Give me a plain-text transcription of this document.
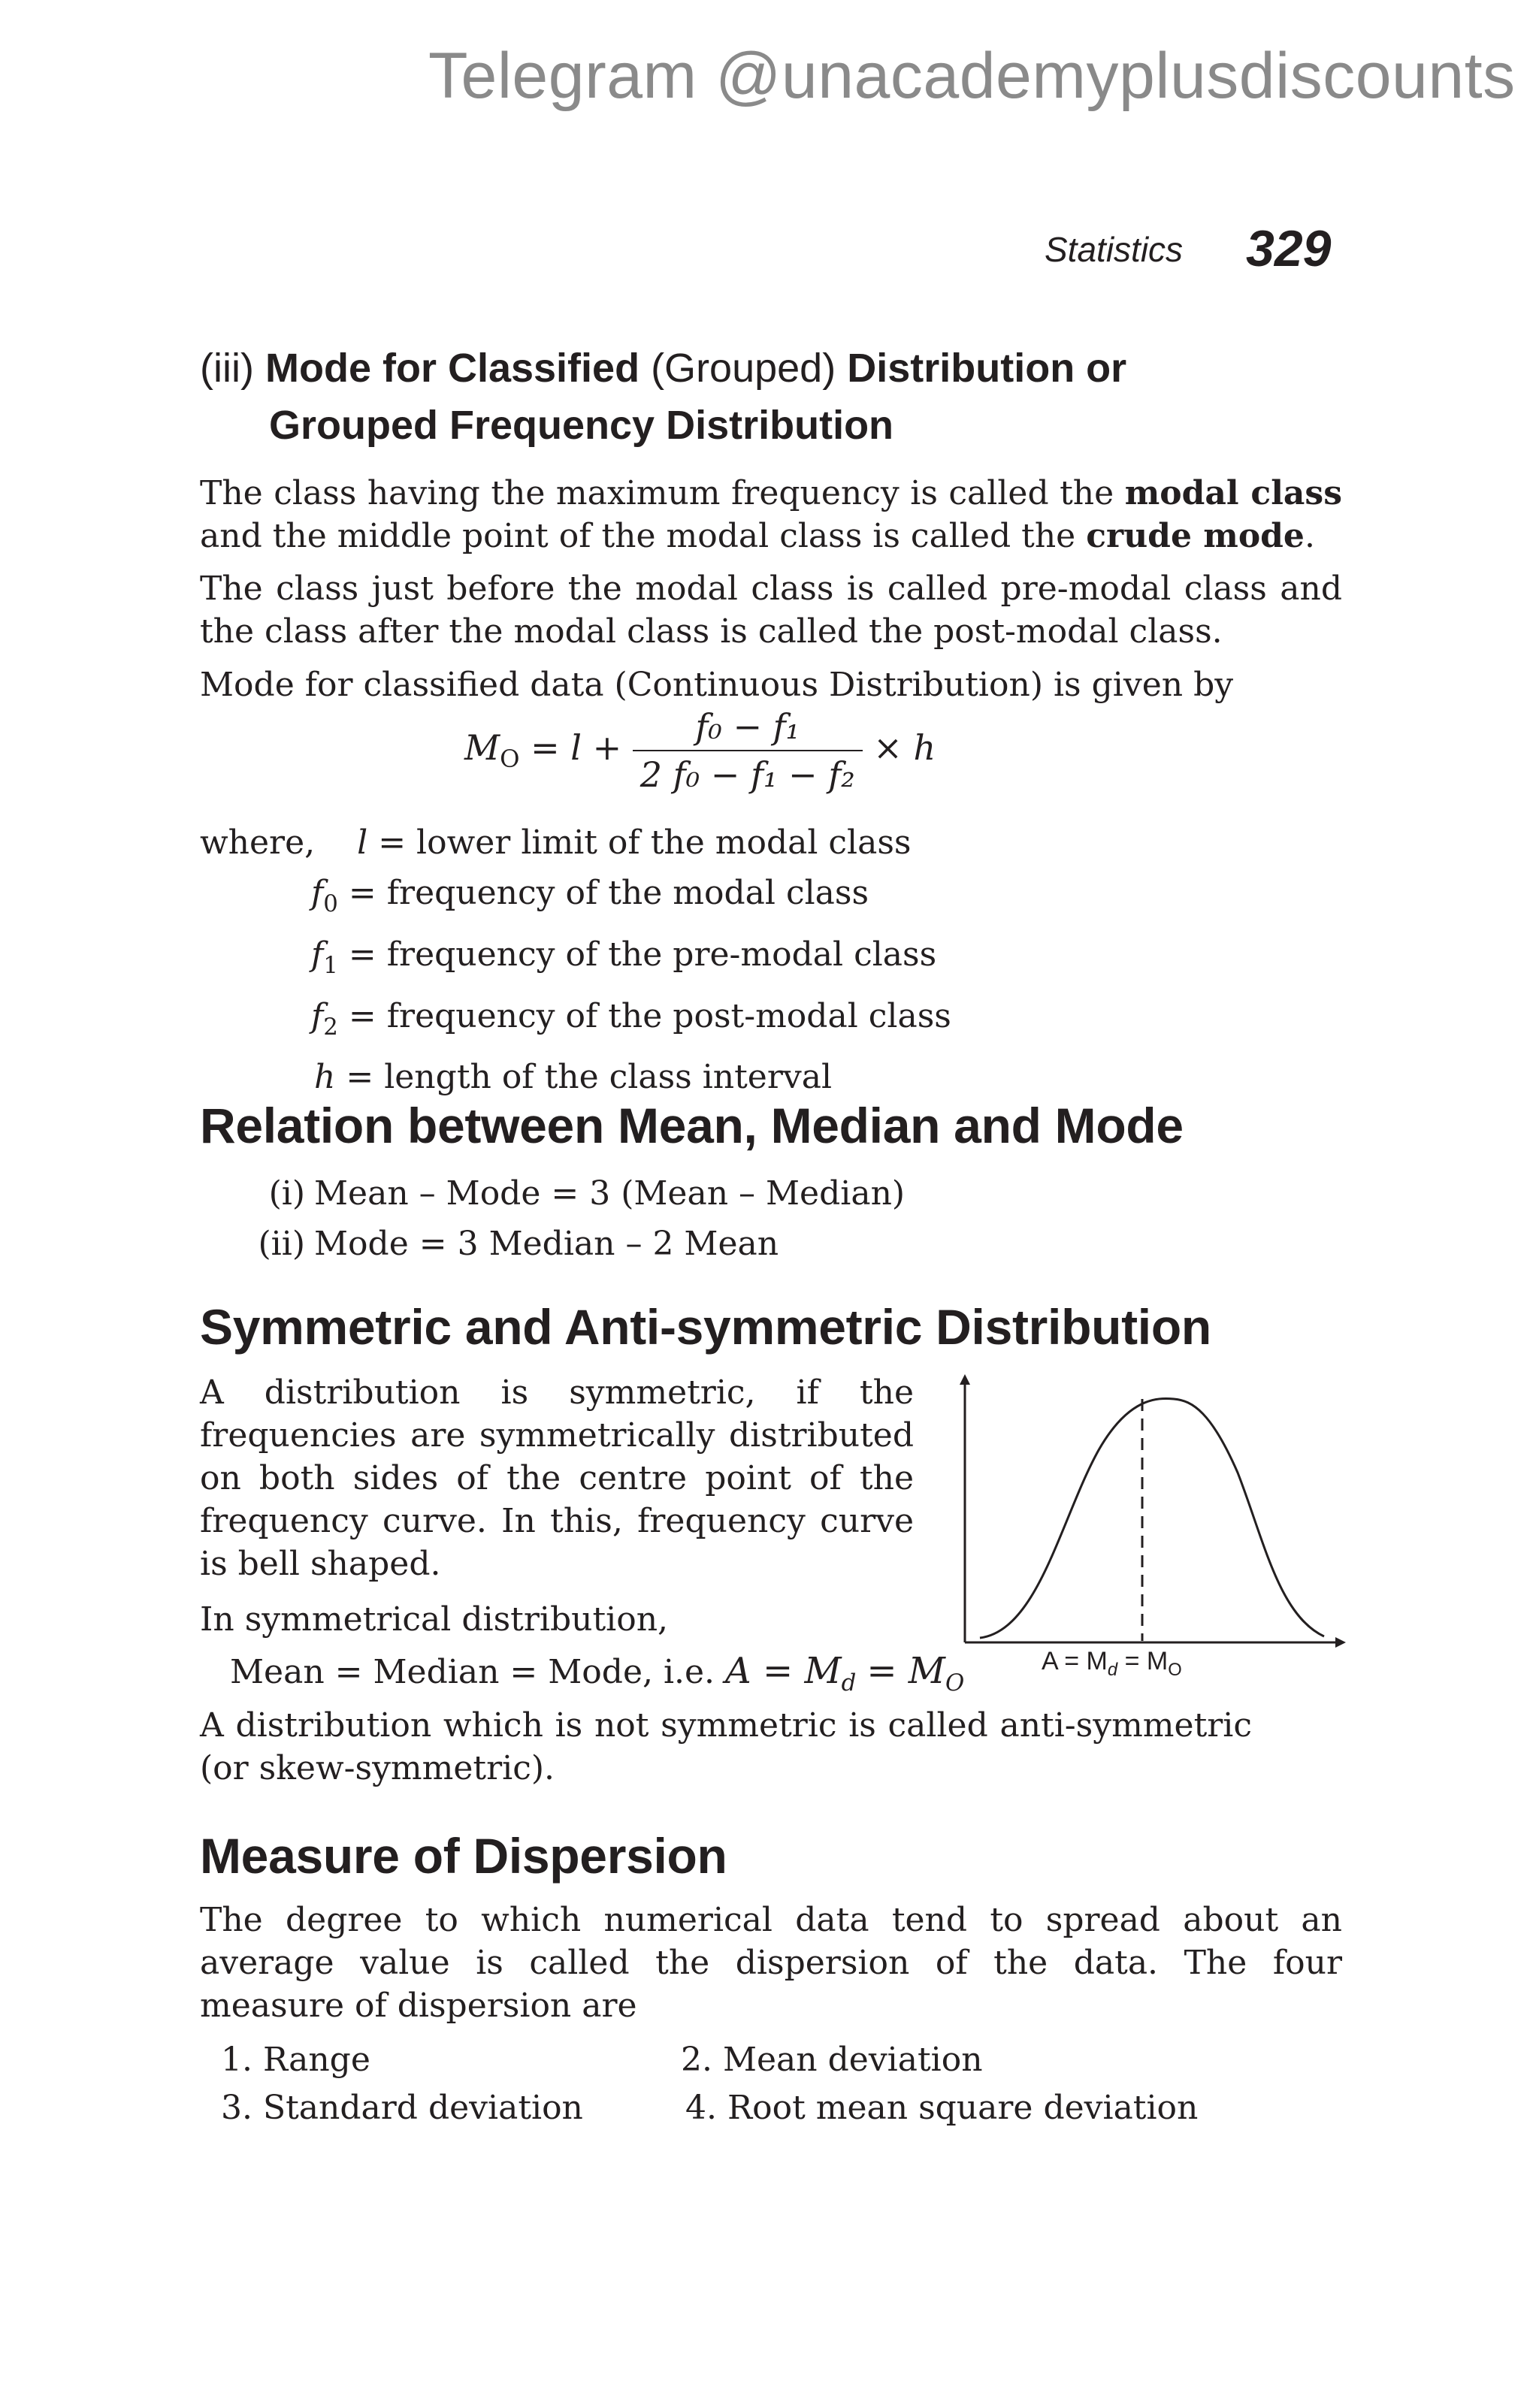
Telegram @unacademyplusdiscounts
Statistics 329
(iii) Mode for Classified (Grouped) Distribution or
Grouped Frequency Distribution
The class having the maximum frequency is called the modal class and the middle point of the modal class is called the crude mode.
The class just before the modal class is called pre-modal class and the class after the modal class is called the post-modal class.
Mode for classified data (Continuous Distribution) is given by
$M_O = l + \frac{\text{f₀ − f₁}}{\text{2 f₀ − f₁ − f₂}} \times h$
where, l = lower limit of the modal class
$f_0$ = frequency of the modal class
$f_1$ = frequency of the pre-modal class
$f_2$ = frequency of the post-modal class
h = length of the class interval
Relation between Mean, Median and Mode
(i) Mean – Mode = 3 (Mean – Median)
(ii) Mode = 3 Median – 2 Mean
Symmetric and Anti-symmetric Distribution
A distribution is symmetric, if the frequencies are symmetrically distributed on both sides of the centre point of the frequency curve. In this, frequency curve is bell shaped.
In symmetrical distribution,
Mean = Median = Mode, i.e. $A = M_d = M_O$
$A = M_d = M_O$
A distribution which is not symmetric is called anti-symmetric (or skew-symmetric).
Measure of Dispersion
The degree to which numerical data tend to spread about an average value is called the dispersion of the data. The four measure of dispersion are
1. Range	2. Mean deviation
3. Standard deviation	4. Root mean square deviation
